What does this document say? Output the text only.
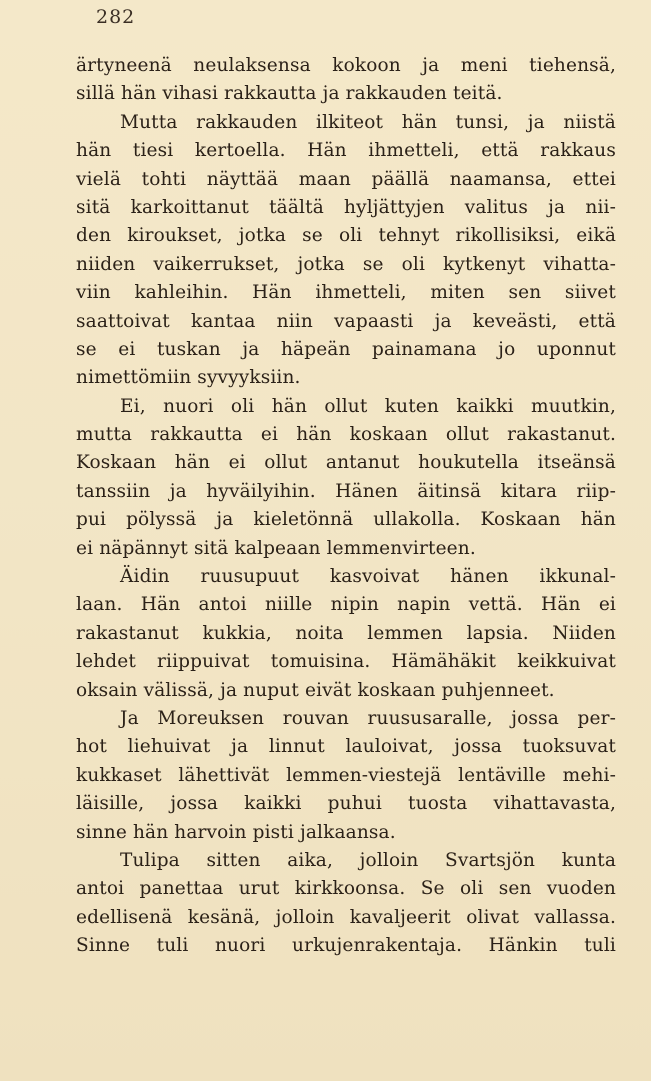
282
ärtyneenä neulaksensa kokoon ja meni tiehensä,
sillä hän vihasi rakkautta ja rakkauden teitä.
Mutta rakkauden ilkiteot hän tunsi, ja niistä
hän tiesi kertoella. Hän ihmetteli, että rakkaus
vielä tohti näyttää maan päällä naamansa, ettei
sitä karkoittanut täältä hyljättyjen valitus ja nii-
den kiroukset, jotka se oli tehnyt rikollisiksi, eikä
niiden vaikerrukset, jotka se oli kytkenyt vihatta-
viin kahleihin. Hän ihmetteli, miten sen siivet
saattoivat kantaa niin vapaasti ja keveästi, että
se ei tuskan ja häpeän painamana jo uponnut
nimettömiin syvyyksiin.
Ei, nuori oli hän ollut kuten kaikki muutkin,
mutta rakkautta ei hän koskaan ollut rakastanut.
Koskaan hän ei ollut antanut houkutella itseänsä
tanssiin ja hyväilyihin. Hänen äitinsä kitara riip-
pui pölyssä ja kieletönnä ullakolla. Koskaan hän
ei näpännyt sitä kalpeaan lemmenvirteen.
Äidin ruusupuut kasvoivat hänen ikkunal-
laan. Hän antoi niille nipin napin vettä. Hän ei
rakastanut kukkia, noita lemmen lapsia. Niiden
lehdet riippuivat tomuisina. Hämähäkit keikkuivat
oksain välissä, ja nuput eivät koskaan puhjenneet.
Ja Moreuksen rouvan ruususaralle, jossa per-
hot liehuivat ja linnut lauloivat, jossa tuoksuvat
kukkaset lähettivät lemmen-viestejä lentäville mehi-
läisille, jossa kaikki puhui tuosta vihattavasta,
sinne hän harvoin pisti jalkaansa.
Tulipa sitten aika, jolloin Svartsjön kunta
antoi panettaa urut kirkkoonsa. Se oli sen vuoden
edellisenä kesänä, jolloin kavaljeerit olivat vallassa.
Sinne tuli nuori urkujenrakentaja. Hänkin tuli
